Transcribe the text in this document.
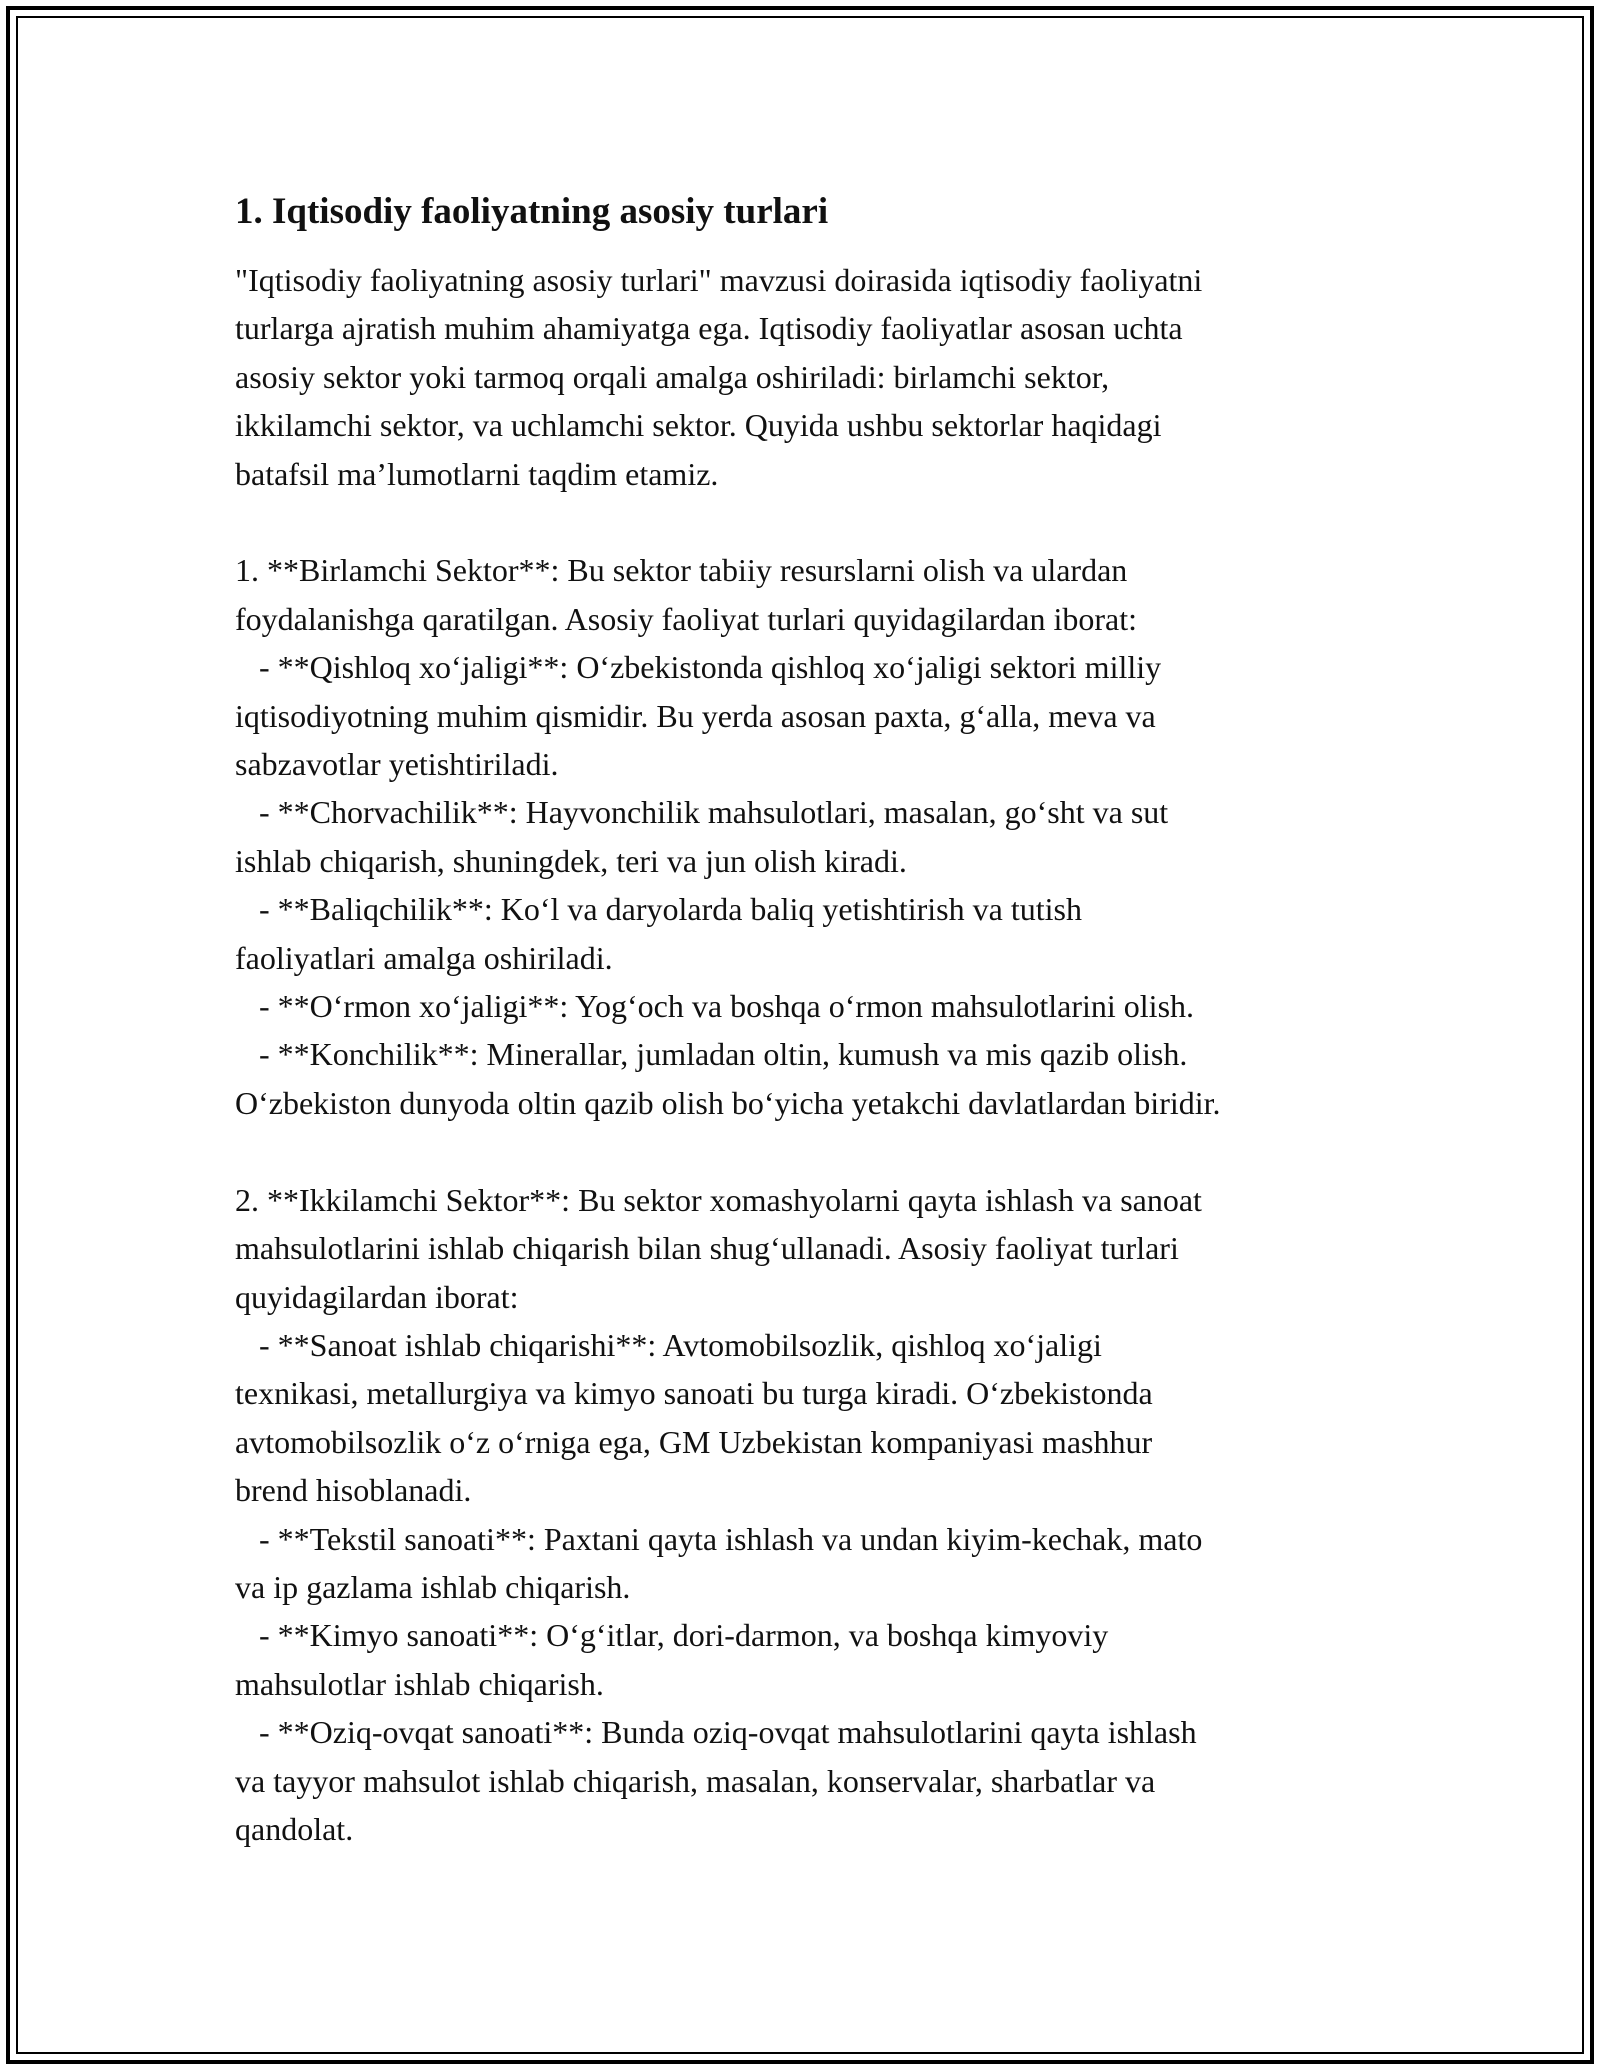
1. Iqtisodiy faoliyatning asosiy turlari

"Iqtisodiy faoliyatning asosiy turlari" mavzusi doirasida iqtisodiy faoliyatni
turlarga ajratish muhim ahamiyatga ega. Iqtisodiy faoliyatlar asosan uchta
asosiy sektor yoki tarmoq orqali amalga oshiriladi: birlamchi sektor,
ikkilamchi sektor, va uchlamchi sektor. Quyida ushbu sektorlar haqidagi
batafsil ma’lumotlarni taqdim etamiz.

1. **Birlamchi Sektor**: Bu sektor tabiiy resurslarni olish va ulardan
foydalanishga qaratilgan. Asosiy faoliyat turlari quyidagilardan iborat:
- **Qishloq xo‘jaligi**: O‘zbekistonda qishloq xo‘jaligi sektori milliy
iqtisodiyotning muhim qismidir. Bu yerda asosan paxta, g‘alla, meva va
sabzavotlar yetishtiriladi.
- **Chorvachilik**: Hayvonchilik mahsulotlari, masalan, go‘sht va sut
ishlab chiqarish, shuningdek, teri va jun olish kiradi.
- **Baliqchilik**: Ko‘l va daryolarda baliq yetishtirish va tutish
faoliyatlari amalga oshiriladi.
- **O‘rmon xo‘jaligi**: Yog‘och va boshqa o‘rmon mahsulotlarini olish.
- **Konchilik**: Minerallar, jumladan oltin, kumush va mis qazib olish.
O‘zbekiston dunyoda oltin qazib olish bo‘yicha yetakchi davlatlardan biridir.

2. **Ikkilamchi Sektor**: Bu sektor xomashyolarni qayta ishlash va sanoat
mahsulotlarini ishlab chiqarish bilan shug‘ullanadi. Asosiy faoliyat turlari
quyidagilardan iborat:
- **Sanoat ishlab chiqarishi**: Avtomobilsozlik, qishloq xo‘jaligi
texnikasi, metallurgiya va kimyo sanoati bu turga kiradi. O‘zbekistonda
avtomobilsozlik o‘z o‘rniga ega, GM Uzbekistan kompaniyasi mashhur
brend hisoblanadi.
- **Tekstil sanoati**: Paxtani qayta ishlash va undan kiyim-kechak, mato
va ip gazlama ishlab chiqarish.
- **Kimyo sanoati**: O‘g‘itlar, dori-darmon, va boshqa kimyoviy
mahsulotlar ishlab chiqarish.
- **Oziq-ovqat sanoati**: Bunda oziq-ovqat mahsulotlarini qayta ishlash
va tayyor mahsulot ishlab chiqarish, masalan, konservalar, sharbatlar va
qandolat.
